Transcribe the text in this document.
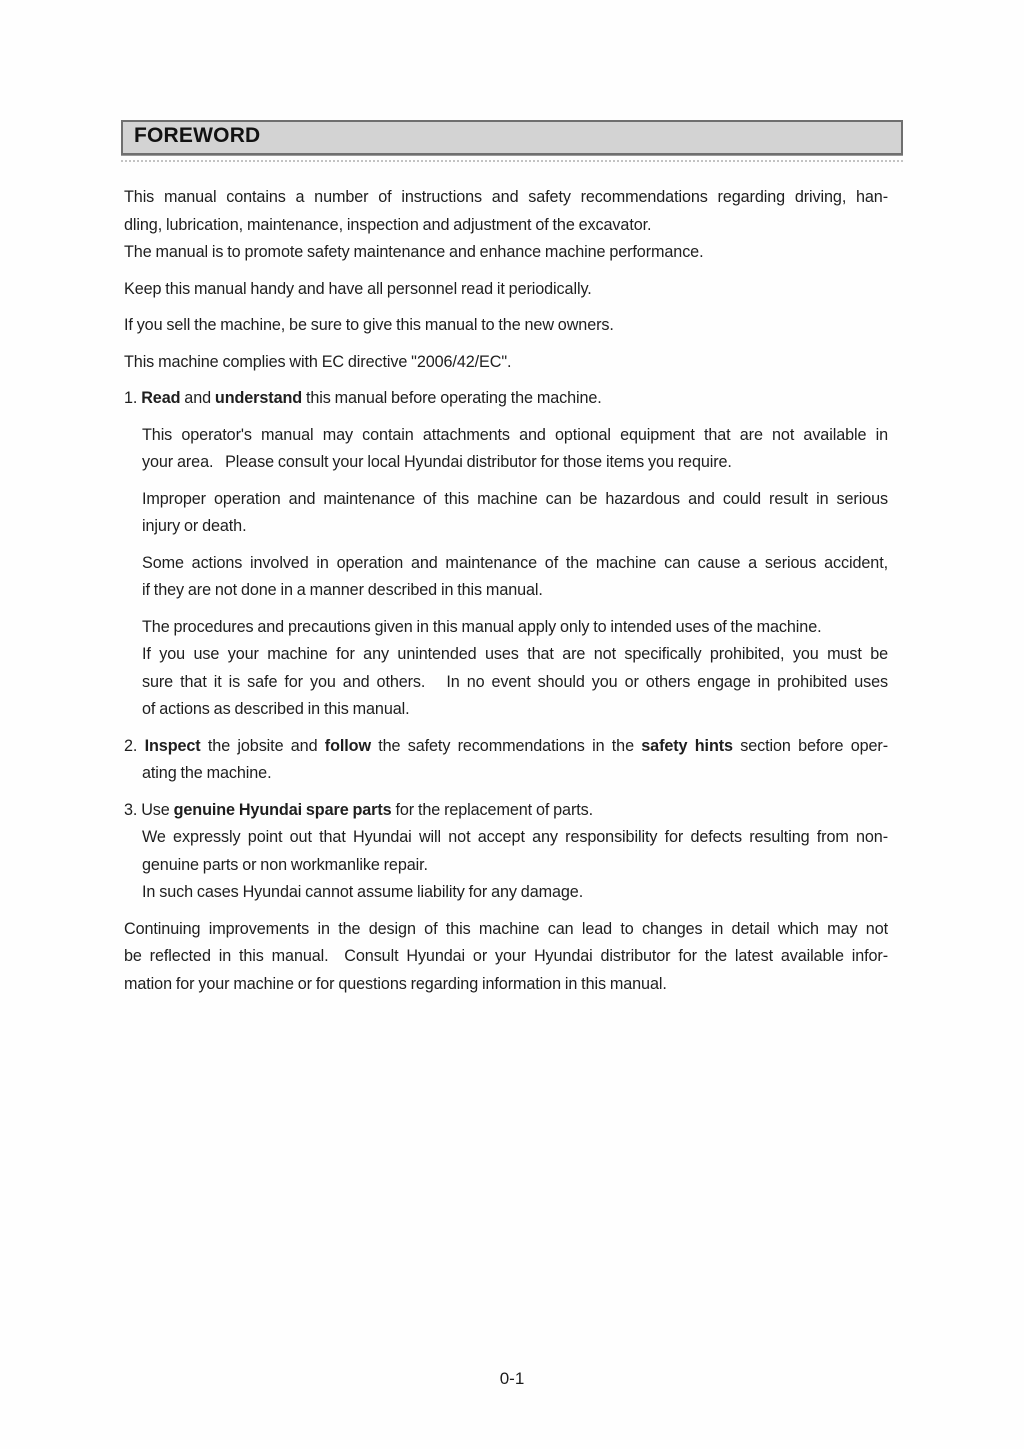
FOREWORD
This manual contains a number of instructions and safety recommendations regarding driving, han-
dling, lubrication, maintenance, inspection and adjustment of the excavator.
The manual is to promote safety maintenance and enhance machine performance.
Keep this manual handy and have all personnel read it periodically.
If you sell the machine, be sure to give this manual to the new owners.
This machine complies with EC directive "2006/42/EC".
1. Read and understand this manual before operating the machine.
This operator's manual may contain attachments and optional equipment that are not available in
your area.   Please consult your local Hyundai distributor for those items you require.
Improper operation and maintenance of this machine can be hazardous and could result in serious
injury or death.
Some actions involved in operation and maintenance of the machine can cause a serious accident,
if they are not done in a manner described in this manual.
The procedures and precautions given in this manual apply only to intended uses of the machine.
If you use your machine for any unintended uses that are not specifically prohibited, you must be
sure that it is safe for you and others.   In no event should you or others engage in prohibited uses
of actions as described in this manual.
2. Inspect the jobsite and follow the safety recommendations in the safety hints section before oper-
ating the machine.
3. Use genuine Hyundai spare parts for the replacement of parts.
We expressly point out that Hyundai will not accept any responsibility for defects resulting from non-
genuine parts or non workmanlike repair.
In such cases Hyundai cannot assume liability for any damage.
Continuing improvements in the design of this machine can lead to changes in detail which may not
be reflected in this manual.  Consult Hyundai or your Hyundai distributor for the latest available infor-
mation for your machine or for questions regarding information in this manual.
0-1
